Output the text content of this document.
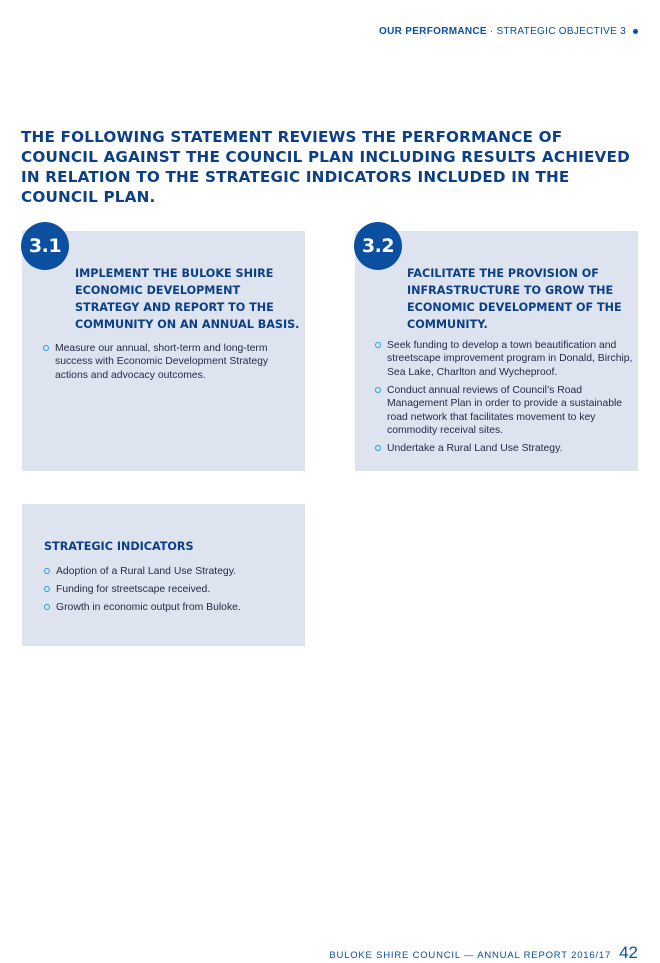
OUR PERFORMANCE · STRATEGIC OBJECTIVE 3

THE FOLLOWING STATEMENT REVIEWS THE PERFORMANCE OF COUNCIL AGAINST THE COUNCIL PLAN INCLUDING RESULTS ACHIEVED IN RELATION TO THE STRATEGIC INDICATORS INCLUDED IN THE COUNCIL PLAN.

3.1
IMPLEMENT THE BULOKE SHIRE ECONOMIC DEVELOPMENT STRATEGY AND REPORT TO THE COMMUNITY ON AN ANNUAL BASIS.
Measure our annual, short-term and long-term success with Economic Development Strategy actions and advocacy outcomes.
3.2
FACILITATE THE PROVISION OF INFRASTRUCTURE TO GROW THE ECONOMIC DEVELOPMENT OF THE COMMUNITY.
Seek funding to develop a town beautification and streetscape improvement program in Donald, Birchip, Sea Lake, Charlton and Wycheproof.
Conduct annual reviews of Council’s Road Management Plan in order to provide a sustainable road network that facilitates movement to key commodity receival sites.
Undertake a Rural Land Use Strategy.
STRATEGIC INDICATORS
Adoption of a Rural Land Use Strategy.
Funding for streetscape received.
Growth in economic output from Buloke.
BULOKE SHIRE COUNCIL — ANNUAL REPORT 2016/17 42
